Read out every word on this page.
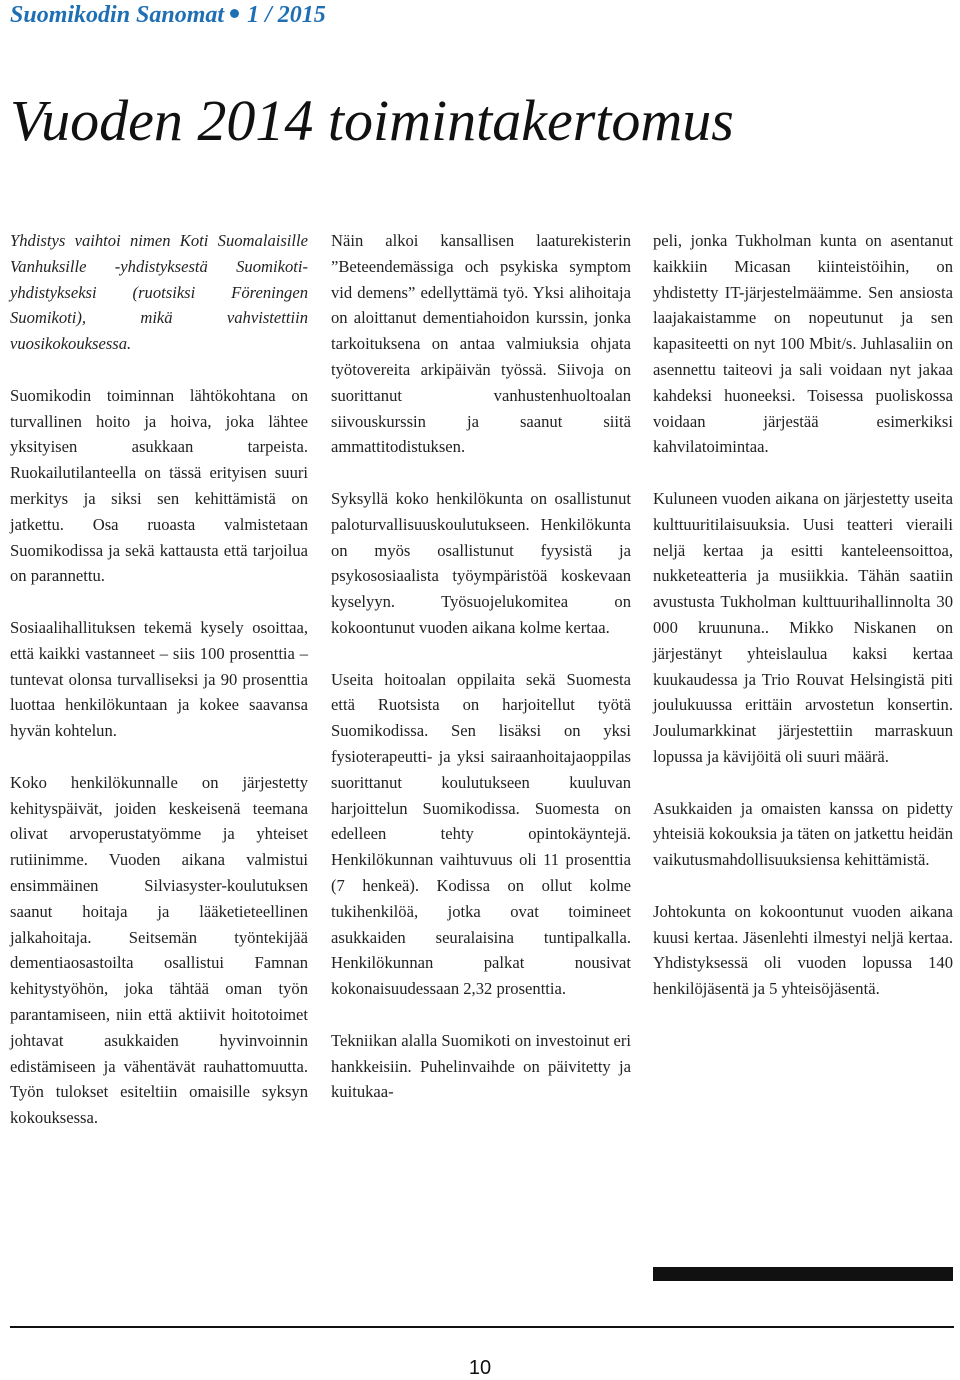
Suomikodin Sanomat 1 / 2015
Vuoden 2014 toimintakertomus

Yhdistys vaihtoi nimen Koti Suomalaisille Vanhuksille -yhdistyksestä Suomikoti-yhdistykseksi (ruotsiksi Föreningen Suomikoti), mikä vahvistettiin vuosikokouksessa.

Suomikodin toiminnan lähtökohtana on turvallinen hoito ja hoiva, joka lähtee yksityisen asukkaan tarpeista. Ruokailutilanteella on tässä erityisen suuri merkitys ja siksi sen kehittämistä on jatkettu. Osa ruoasta valmistetaan Suomikodissa ja sekä kattausta että tarjoilua on parannettu.

Sosiaalihallituksen tekemä kysely osoittaa, että kaikki vastanneet – siis 100 prosenttia – tuntevat olonsa turvalliseksi ja 90 prosenttia luottaa henkilökuntaan ja kokee saavansa hyvän kohtelun.

Koko henkilökunnalle on järjestetty kehityspäivät, joiden keskeisenä teemana olivat arvoperustatyömme ja yhteiset rutiinimme. Vuoden aikana valmistui ensimmäinen Silviasyster-koulutuksen saanut hoitaja ja lääketieteellinen jalkahoitaja. Seitsemän työntekijää dementiaosastoilta osallistui Famnan kehitystyöhön, joka tähtää oman työn parantamiseen, niin että aktiivit hoitotoimet johtavat asukkaiden hyvinvoinnin edistämiseen ja vähentävät rauhattomuutta. Työn tulokset esiteltiin omaisille syksyn kokouksessa.

Näin alkoi kansallisen laaturekisterin ”Beteendemässiga och psykiska symptom vid demens” edellyttämä työ. Yksi alihoitaja on aloittanut dementiahoidon kurssin, jonka tarkoituksena on antaa valmiuksia ohjata työtovereita arkipäivän työssä. Siivoja on suorittanut vanhustenhuoltoalan siivouskurssin ja saanut siitä ammattitodistuksen.

Syksyllä koko henkilökunta on osallistunut paloturvallisuuskoulutukseen. Henkilökunta on myös osallistunut fyysistä ja psykososiaalista työympäristöä koskevaan kyselyyn. Työsuojelukomitea on kokoontunut vuoden aikana kolme kertaa.

Useita hoitoalan oppilaita sekä Suomesta että Ruotsista on harjoitellut työtä Suomikodissa. Sen lisäksi on yksi fysioterapeutti- ja yksi sairaanhoitajaoppilas suorittanut koulutukseen kuuluvan harjoittelun Suomikodissa. Suomesta on edelleen tehty opintokäyntejä. Henkilökunnan vaihtuvuus oli 11 prosenttia (7 henkeä). Kodissa on ollut kolme tukihenkilöä, jotka ovat toimineet asukkaiden seuralaisina tuntipalkalla. Henkilökunnan palkat nousivat kokonaisuudessaan 2,32 prosenttia.

Tekniikan alalla Suomikoti on investoinut eri hankkeisiin. Puhelinvaihde on päivitetty ja kuitukaa-

peli, jonka Tukholman kunta on asentanut kaikkiin Micasan kiinteistöihin, on yhdistetty IT-järjestelmäämme. Sen ansiosta laajakaistamme on nopeutunut ja sen kapasiteetti on nyt 100 Mbit/s. Juhlasaliin on asennettu taiteovi ja sali voidaan nyt jakaa kahdeksi huoneeksi. Toisessa puoliskossa voidaan järjestää esimerkiksi kahvilatoimintaa.

Kuluneen vuoden aikana on järjestetty useita kulttuuritilaisuuksia. Uusi teatteri vieraili neljä kertaa ja esitti kanteleensoittoa, nukketeatteria ja musiikkia. Tähän saatiin avustusta Tukholman kulttuurihallinnolta 30 000 kruununa.. Mikko Niskanen on järjestänyt yhteislaulua kaksi kertaa kuukaudessa ja Trio Rouvat Helsingistä piti joulukuussa erittäin arvostetun konsertin. Joulumarkkinat järjestettiin marraskuun lopussa ja kävijöitä oli suuri määrä.

Asukkaiden ja omaisten kanssa on pidetty yhteisiä kokouksia ja täten on jatkettu heidän vaikutusmahdollisuuksiensa kehittämistä.

Johtokunta on kokoontunut vuoden aikana kuusi kertaa. Jäsenlehti ilmestyi neljä kertaa. Yhdistyksessä oli vuoden lopussa 140 henkilöjäsentä ja 5 yhteisöjäsentä.

10
